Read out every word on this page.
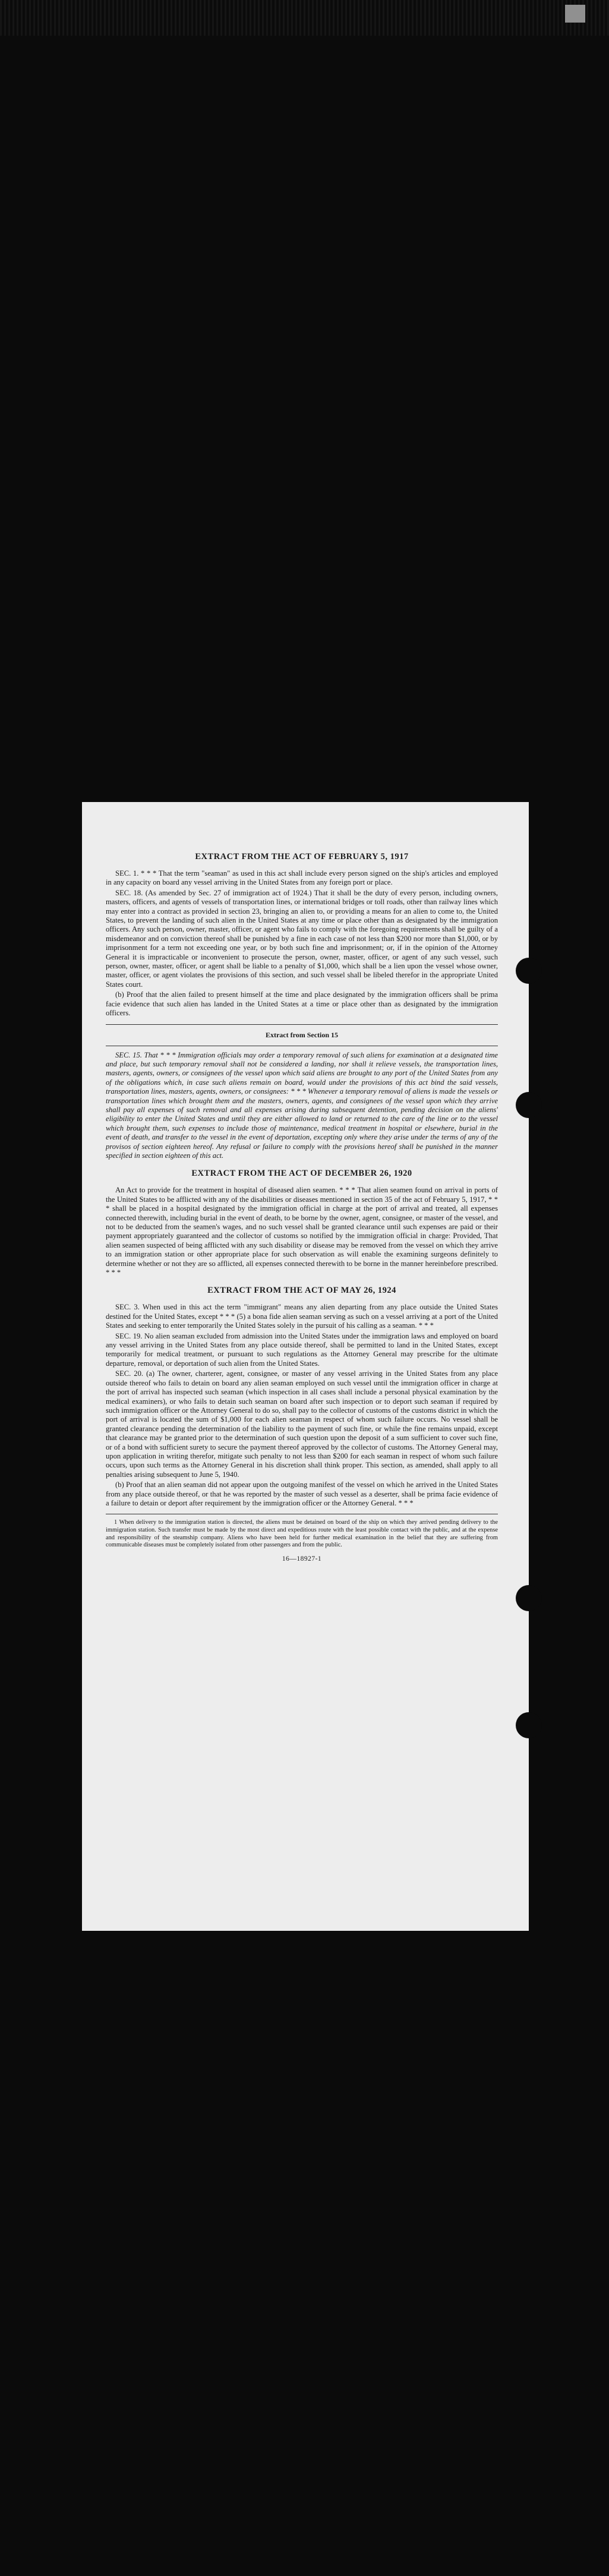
EXTRACT FROM THE ACT OF FEBRUARY 5, 1917

SEC. 1. * * * That the term "seaman" as used in this act shall include every person signed on the ship's articles and employed in any capacity on board any vessel arriving in the United States from any foreign port or place.

SEC. 18. (As amended by Sec. 27 of immigration act of 1924.) That it shall be the duty of every person, including owners, masters, officers, and agents of vessels of transportation lines, or international bridges or toll roads, other than railway lines which may enter into a contract as provided in section 23, bringing an alien to, or providing a means for an alien to come to, the United States, to prevent the landing of such alien in the United States at any time or place other than as designated by the immigration officers. Any such person, owner, master, officer, or agent who fails to comply with the foregoing requirements shall be guilty of a misdemeanor and on conviction thereof shall be punished by a fine in each case of not less than $200 nor more than $1,000, or by imprisonment for a term not exceeding one year, or by both such fine and imprisonment; or, if in the opinion of the Attorney General it is impracticable or inconvenient to prosecute the person, owner, master, officer, or agent of any such vessel, such person, owner, master, officer, or agent shall be liable to a penalty of $1,000, which shall be a lien upon the vessel whose owner, master, officer, or agent violates the provisions of this section, and such vessel shall be libeled therefor in the appropriate United States court.

(b) Proof that the alien failed to present himself at the time and place designated by the immigration officers shall be prima facie evidence that such alien has landed in the United States at a time or place other than as designated by the immigration officers.

Extract from Section 15

SEC. 15. That * * * Immigration officials may order a temporary removal of such aliens for examination at a designated time and place, but such temporary removal shall not be considered a landing, nor shall it relieve vessels, the transportation lines, masters, agents, owners, or consignees of the vessel upon which said aliens are brought to any port of the United States from any of the obligations which, in case such aliens remain on board, would under the provisions of this act bind the said vessels, transportation lines, masters, agents, owners, or consignees: * * * Whenever a temporary removal of aliens is made the vessels or transportation lines which brought them and the masters, owners, agents, and consignees of the vessel upon which they arrive shall pay all expenses of such removal and all expenses arising during subsequent detention, pending decision on the aliens' eligibility to enter the United States and until they are either allowed to land or returned to the care of the line or to the vessel which brought them, such expenses to include those of maintenance, medical treatment in hospital or elsewhere, burial in the event of death, and transfer to the vessel in the event of deportation, excepting only where they arise under the terms of any of the provisos of section eighteen hereof. Any refusal or failure to comply with the provisions hereof shall be punished in the manner specified in section eighteen of this act.

EXTRACT FROM THE ACT OF DECEMBER 26, 1920

An Act to provide for the treatment in hospital of diseased alien seamen. * * * That alien seamen found on arrival in ports of the United States to be afflicted with any of the disabilities or diseases mentioned in section 35 of the act of February 5, 1917, * * * shall be placed in a hospital designated by the immigration official in charge at the port of arrival and treated, all expenses connected therewith, including burial in the event of death, to be borne by the owner, agent, consignee, or master of the vessel, and not to be deducted from the seamen's wages, and no such vessel shall be granted clearance until such expenses are paid or their payment appropriately guaranteed and the collector of customs so notified by the immigration official in charge: Provided, That alien seamen suspected of being afflicted with any such disability or disease may be removed from the vessel on which they arrive to an immigration station or other appropriate place for such observation as will enable the examining surgeons definitely to determine whether or not they are so afflicted, all expenses connected therewith to be borne in the manner hereinbefore prescribed. * * *

EXTRACT FROM THE ACT OF MAY 26, 1924

SEC. 3. When used in this act the term "immigrant" means any alien departing from any place outside the United States destined for the United States, except * * * (5) a bona fide alien seaman serving as such on a vessel arriving at a port of the United States and seeking to enter temporarily the United States solely in the pursuit of his calling as a seaman. * * *

SEC. 19. No alien seaman excluded from admission into the United States under the immigration laws and employed on board any vessel arriving in the United States from any place outside thereof, shall be permitted to land in the United States, except temporarily for medical treatment, or pursuant to such regulations as the Attorney General may prescribe for the ultimate departure, removal, or deportation of such alien from the United States.

SEC. 20. (a) The owner, charterer, agent, consignee, or master of any vessel arriving in the United States from any place outside thereof who fails to detain on board any alien seaman employed on such vessel until the immigration officer in charge at the port of arrival has inspected such seaman (which inspection in all cases shall include a personal physical examination by the medical examiners), or who fails to detain such seaman on board after such inspection or to deport such seaman if required by such immigration officer or the Attorney General to do so, shall pay to the collector of customs of the customs district in which the port of arrival is located the sum of $1,000 for each alien seaman in respect of whom such failure occurs. No vessel shall be granted clearance pending the determination of the liability to the payment of such fine, or while the fine remains unpaid, except that clearance may be granted prior to the determination of such question upon the deposit of a sum sufficient to cover such fine, or of a bond with sufficient surety to secure the payment thereof approved by the collector of customs. The Attorney General may, upon application in writing therefor, mitigate such penalty to not less than $200 for each seaman in respect of whom such failure occurs, upon such terms as the Attorney General in his discretion shall think proper. This section, as amended, shall apply to all penalties arising subsequent to June 5, 1940.

(b) Proof that an alien seaman did not appear upon the outgoing manifest of the vessel on which he arrived in the United States from any place outside thereof, or that he was reported by the master of such vessel as a deserter, shall be prima facie evidence of a failure to detain or deport after requirement by the immigration officer or the Attorney General. * * *

1 When delivery to the immigration station is directed, the aliens must be detained on board of the ship on which they arrived pending delivery to the immigration station. Such transfer must be made by the most direct and expeditious route with the least possible contact with the public, and at the expense and responsibility of the steamship company. Aliens who have been held for further medical examination in the belief that they are suffering from communicable diseases must be completely isolated from other passengers and from the public.

16—18927-1
